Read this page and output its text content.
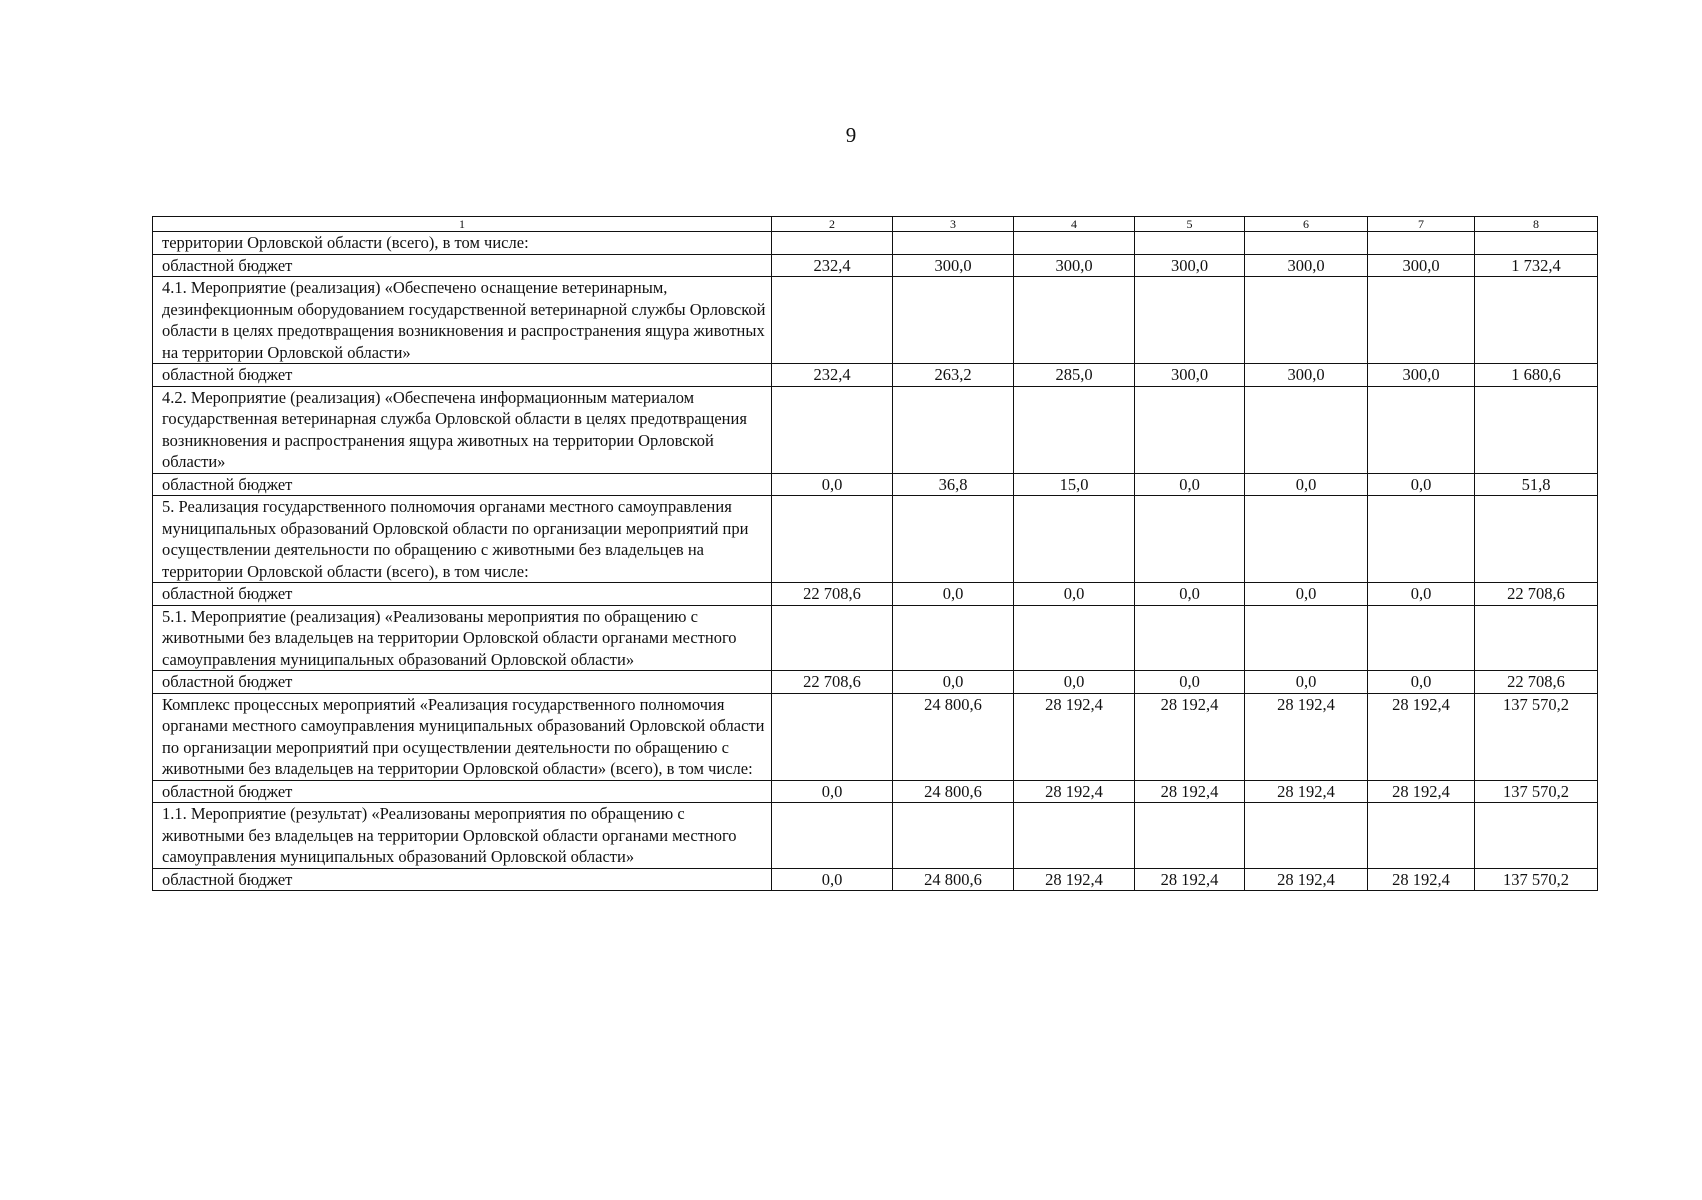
9
1	2	3	4	5	6	7	8
территории Орловской области (всего), в том числе:							
областной бюджет	232,4	300,0	300,0	300,0	300,0	300,0	1 732,4
4.1. Мероприятие (реализация) «Обеспечено оснащение ветеринарным, дезинфекционным оборудованием государственной ветеринарной службы Орловской области в целях предотвращения возникновения и распространения ящура животных на территории Орловской области»							
областной бюджет	232,4	263,2	285,0	300,0	300,0	300,0	1 680,6
4.2. Мероприятие (реализация) «Обеспечена информационным материалом государственная ветеринарная служба Орловской области в целях предотвращения возникновения и распространения ящура животных на территории Орловской области»							
областной бюджет	0,0	36,8	15,0	0,0	0,0	0,0	51,8
5. Реализация государственного полномочия органами местного самоуправления муниципальных образований Орловской области по организации мероприятий при осуществлении деятельности по обращению с животными без владельцев на территории Орловской области (всего), в том числе:							
областной бюджет	22 708,6	0,0	0,0	0,0	0,0	0,0	22 708,6
5.1. Мероприятие (реализация) «Реализованы мероприятия по обращению с животными без владельцев на территории Орловской области органами местного самоуправления муниципальных образований Орловской области»							
областной бюджет	22 708,6	0,0	0,0	0,0	0,0	0,0	22 708,6
Комплекс процессных мероприятий «Реализация государственного полномочия органами местного самоуправления муниципальных образований Орловской области по организации мероприятий при осуществлении деятельности по обращению с животными без владельцев на территории Орловской области» (всего), в том числе:		24 800,6	28 192,4	28 192,4	28 192,4	28 192,4	137 570,2
областной бюджет	0,0	24 800,6	28 192,4	28 192,4	28 192,4	28 192,4	137 570,2
1.1. Мероприятие (результат) «Реализованы мероприятия по обращению с животными без владельцев на территории Орловской области органами местного самоуправления муниципальных образований Орловской области»							
областной бюджет	0,0	24 800,6	28 192,4	28 192,4	28 192,4	28 192,4	137 570,2
